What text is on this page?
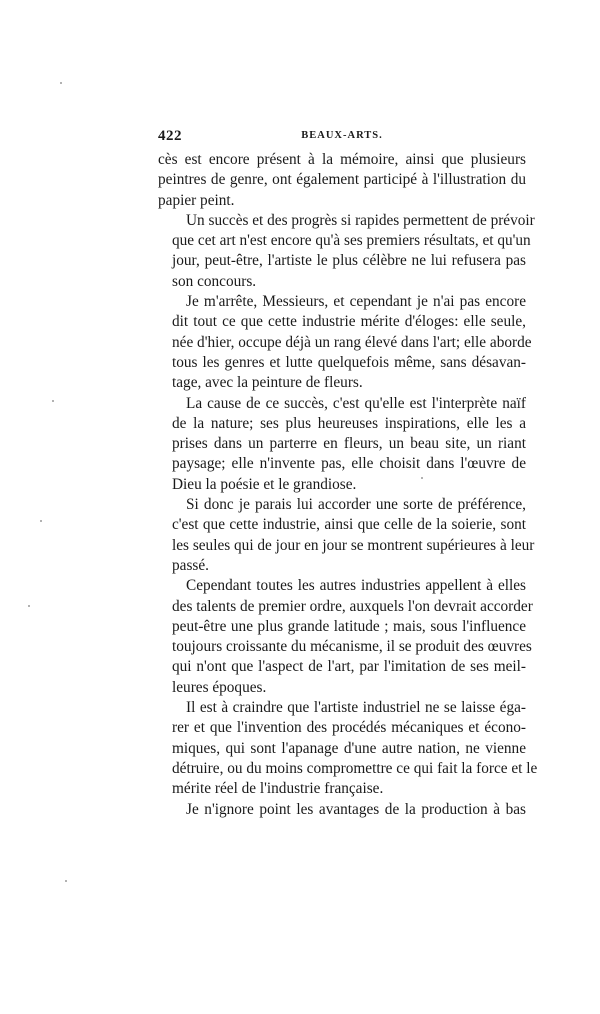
422	BEAUX-ARTS.
cès est encore présent à la mémoire, ainsi que plusieurs
peintres de genre, ont également participé à l'illustration du
papier peint.
Un succès et des progrès si rapides permettent de prévoir
que cet art n'est encore qu'à ses premiers résultats, et qu'un
jour, peut-être, l'artiste le plus célèbre ne lui refusera pas
son concours.
Je m'arrête, Messieurs, et cependant je n'ai pas encore
dit tout ce que cette industrie mérite d'éloges: elle seule,
née d'hier, occupe déjà un rang élevé dans l'art; elle aborde
tous les genres et lutte quelquefois même, sans désavan-
tage, avec la peinture de fleurs.
La cause de ce succès, c'est qu'elle est l'interprète naïf
de la nature; ses plus heureuses inspirations, elle les a
prises dans un parterre en fleurs, un beau site, un riant
paysage; elle n'invente pas, elle choisit dans l'œuvre de
Dieu la poésie et le grandiose.
Si donc je parais lui accorder une sorte de préférence,
c'est que cette industrie, ainsi que celle de la soierie, sont
les seules qui de jour en jour se montrent supérieures à leur
passé.
Cependant toutes les autres industries appellent à elles
des talents de premier ordre, auxquels l'on devrait accorder
peut-être une plus grande latitude ; mais, sous l'influence
toujours croissante du mécanisme, il se produit des œuvres
qui n'ont que l'aspect de l'art, par l'imitation de ses meil-
leures époques.
Il est à craindre que l'artiste industriel ne se laisse éga-
rer et que l'invention des procédés mécaniques et écono-
miques, qui sont l'apanage d'une autre nation, ne vienne
détruire, ou du moins compromettre ce qui fait la force et le
mérite réel de l'industrie française.
Je n'ignore point les avantages de la production à bas
